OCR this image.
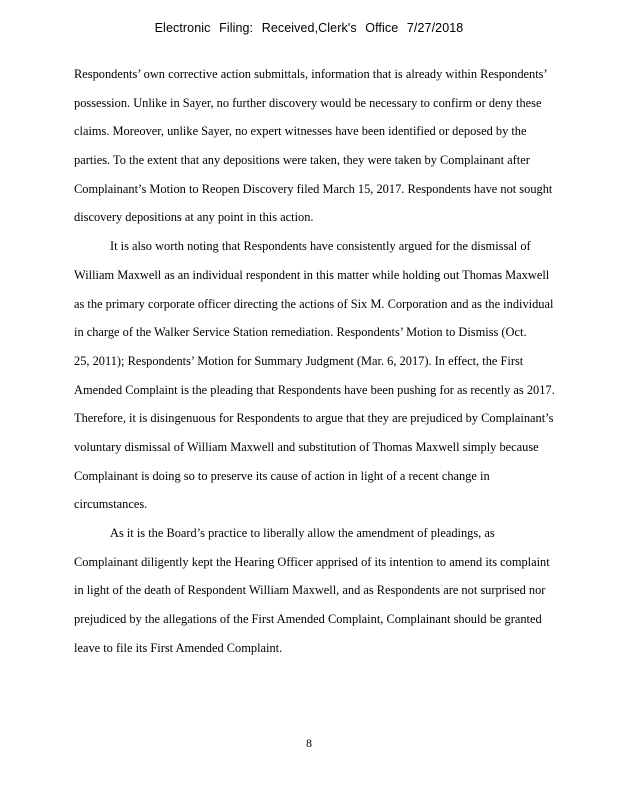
Electronic Filing: Received,Clerk's Office 7/27/2018
Respondents’ own corrective action submittals, information that is already within Respondents’
possession. Unlike in Sayer, no further discovery would be necessary to confirm or deny these
claims. Moreover, unlike Sayer, no expert witnesses have been identified or deposed by the
parties. To the extent that any depositions were taken, they were taken by Complainant after
Complainant’s Motion to Reopen Discovery filed March 15, 2017. Respondents have not sought
discovery depositions at any point in this action.
It is also worth noting that Respondents have consistently argued for the dismissal of
William Maxwell as an individual respondent in this matter while holding out Thomas Maxwell
as the primary corporate officer directing the actions of Six M. Corporation and as the individual
in charge of the Walker Service Station remediation. Respondents’ Motion to Dismiss (Oct.
25, 2011); Respondents’ Motion for Summary Judgment (Mar. 6, 2017). In effect, the First
Amended Complaint is the pleading that Respondents have been pushing for as recently as 2017.
Therefore, it is disingenuous for Respondents to argue that they are prejudiced by Complainant’s
voluntary dismissal of William Maxwell and substitution of Thomas Maxwell simply because
Complainant is doing so to preserve its cause of action in light of a recent change in
circumstances.
As it is the Board’s practice to liberally allow the amendment of pleadings, as
Complainant diligently kept the Hearing Officer apprised of its intention to amend its complaint
in light of the death of Respondent William Maxwell, and as Respondents are not surprised nor
prejudiced by the allegations of the First Amended Complaint, Complainant should be granted
leave to file its First Amended Complaint.
8
